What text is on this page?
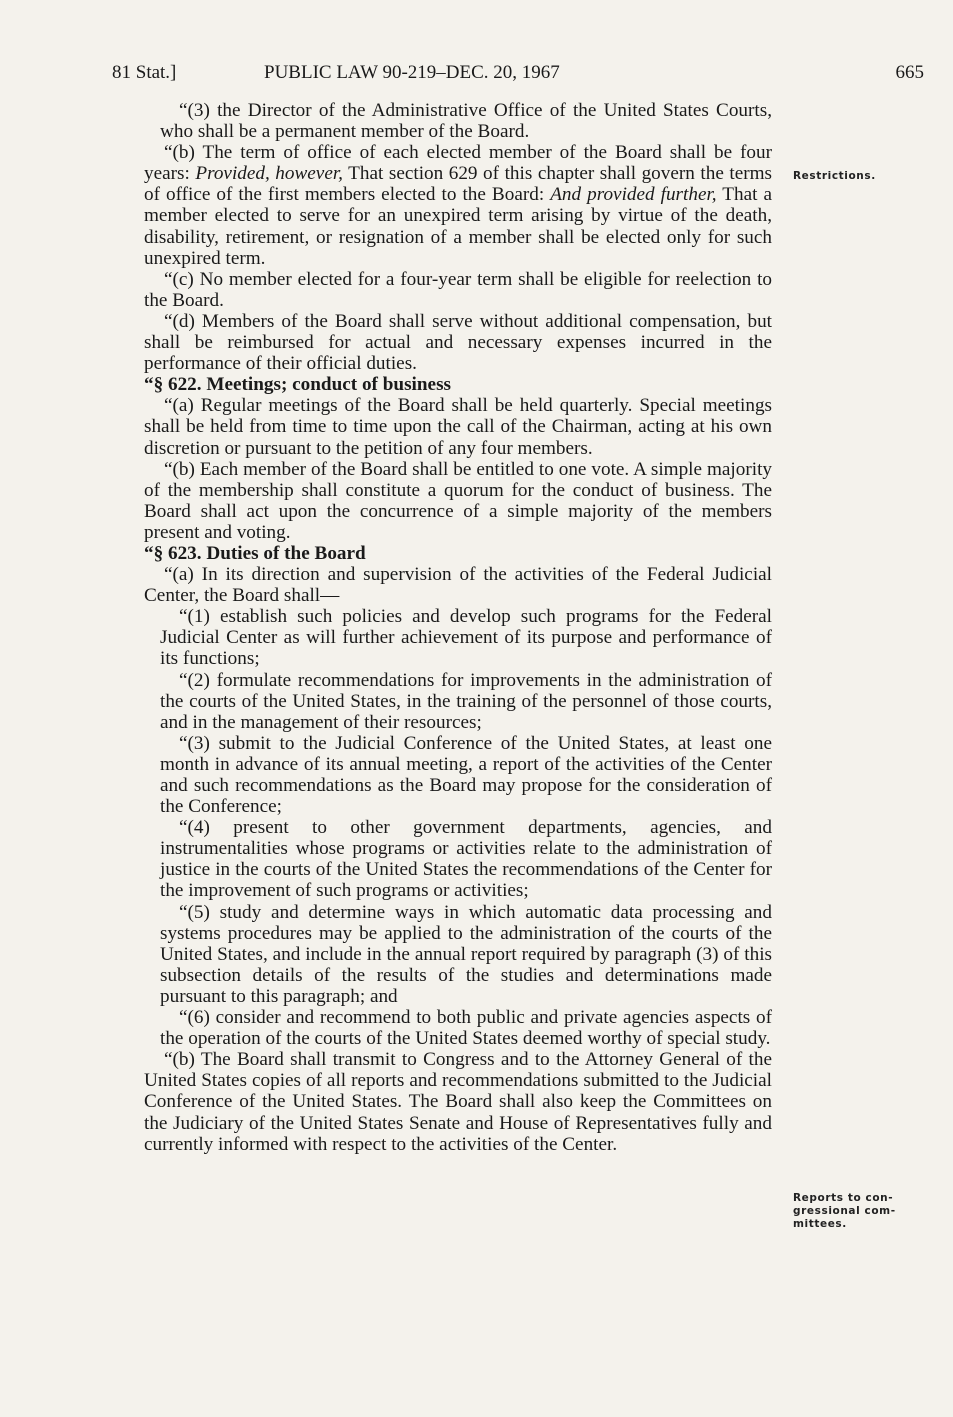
81 Stat.]	PUBLIC LAW 90-219–DEC. 20, 1967	665
Restrictions.
Reports to con-
gressional com-
mittees.

“(3) the Director of the Administrative Office of the United States Courts, who shall be a permanent member of the Board.

“(b) The term of office of each elected member of the Board shall be four years: Provided, however, That section 629 of this chapter shall govern the terms of office of the first members elected to the Board: And provided further, That a member elected to serve for an unexpired term arising by virtue of the death, disability, retirement, or resignation of a member shall be elected only for such unexpired term.

“(c) No member elected for a four-year term shall be eligible for reelection to the Board.

“(d) Members of the Board shall serve without additional compensation, but shall be reimbursed for actual and necessary expenses incurred in the performance of their official duties.

“§ 622. Meetings; conduct of business

“(a) Regular meetings of the Board shall be held quarterly. Special meetings shall be held from time to time upon the call of the Chairman, acting at his own discretion or pursuant to the petition of any four members.

“(b) Each member of the Board shall be entitled to one vote. A simple majority of the membership shall constitute a quorum for the conduct of business. The Board shall act upon the concurrence of a simple majority of the members present and voting.

“§ 623. Duties of the Board

“(a) In its direction and supervision of the activities of the Federal Judicial Center, the Board shall—

“(1) establish such policies and develop such programs for the Federal Judicial Center as will further achievement of its purpose and performance of its functions;

“(2) formulate recommendations for improvements in the administration of the courts of the United States, in the training of the personnel of those courts, and in the management of their resources;

“(3) submit to the Judicial Conference of the United States, at least one month in advance of its annual meeting, a report of the activities of the Center and such recommendations as the Board may propose for the consideration of the Conference;

“(4) present to other government departments, agencies, and instrumentalities whose programs or activities relate to the administration of justice in the courts of the United States the recommendations of the Center for the improvement of such programs or activities;

“(5) study and determine ways in which automatic data processing and systems procedures may be applied to the administration of the courts of the United States, and include in the annual report required by paragraph (3) of this subsection details of the results of the studies and determinations made pursuant to this paragraph; and

“(6) consider and recommend to both public and private agencies aspects of the operation of the courts of the United States deemed worthy of special study.

“(b) The Board shall transmit to Congress and to the Attorney General of the United States copies of all reports and recommendations submitted to the Judicial Conference of the United States. The Board shall also keep the Committees on the Judiciary of the United States Senate and House of Representatives fully and currently informed with respect to the activities of the Center.
